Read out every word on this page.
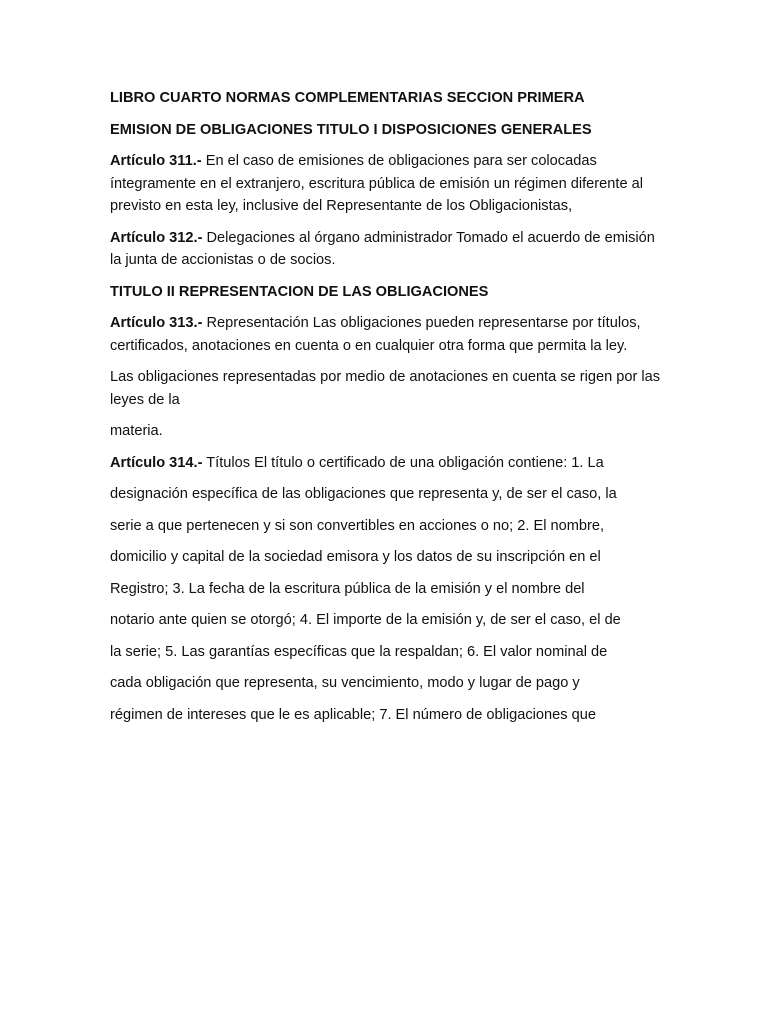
LIBRO CUARTO NORMAS COMPLEMENTARIAS SECCION PRIMERA

EMISION DE OBLIGACIONES TITULO I DISPOSICIONES GENERALES

Artículo 311.- En el caso de emisiones de obligaciones para ser colocadas íntegramente en el extranjero, escritura pública de emisión un régimen diferente al previsto en esta ley, inclusive del Representante de los Obligacionistas,

Artículo 312.- Delegaciones al órgano administrador Tomado el acuerdo de emisión la junta de accionistas o de socios.

TITULO II REPRESENTACION DE LAS OBLIGACIONES

Artículo 313.- Representación Las obligaciones pueden representarse por títulos, certificados, anotaciones en cuenta o en cualquier otra forma que permita la ley.

Las obligaciones representadas por medio de anotaciones en cuenta se rigen por las leyes de la

materia.

Artículo 314.- Títulos El título o certificado de una obligación contiene: 1. La

designación específica de las obligaciones que representa y, de ser el caso, la

serie a que pertenecen y si son convertibles en acciones o no; 2. El nombre,

domicilio y capital de la sociedad emisora y los datos de su inscripción en el

Registro; 3. La fecha de la escritura pública de la emisión y el nombre del

notario ante quien se otorgó; 4. El importe de la emisión y, de ser el caso, el de

la serie; 5. Las garantías específicas que la respaldan; 6. El valor nominal de

cada obligación que representa, su vencimiento, modo y lugar de pago y

régimen de intereses que le es aplicable; 7. El número de obligaciones que
